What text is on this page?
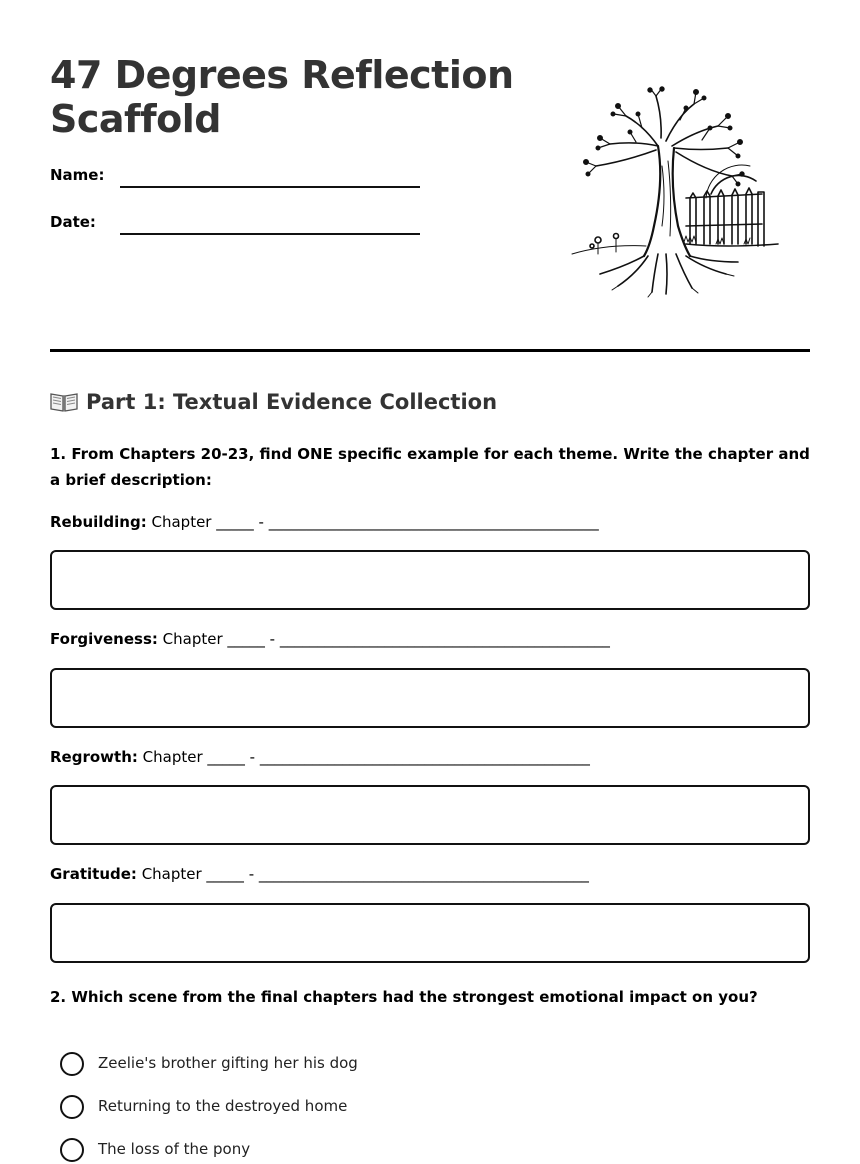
47 Degrees Reflection Scaffold
Name:
Date:
Part 1: Textual Evidence Collection
1. From Chapters 20-23, find ONE specific example for each theme. Write the chapter and a brief description:
Rebuilding: Chapter _____ - ____________________________________________
Forgiveness: Chapter _____ - ____________________________________________
Regrowth: Chapter _____ - ____________________________________________
Gratitude: Chapter _____ - ____________________________________________
2. Which scene from the final chapters had the strongest emotional impact on you?
Zeelie's brother gifting her his dog
Returning to the destroyed home
The loss of the pony
